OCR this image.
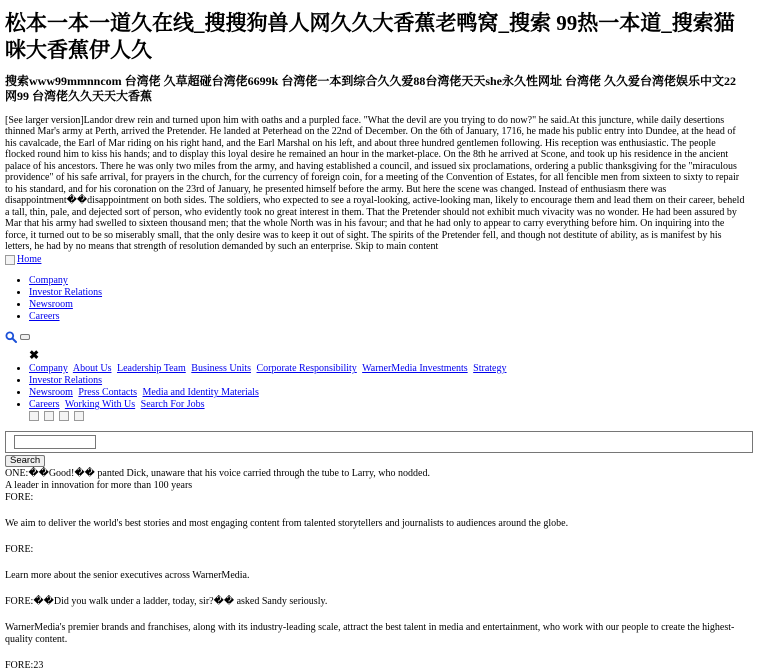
松本一本一道久在线_搜搜狗兽人网久久大香蕉老鸭窝_搜索 99热一本道_搜索猫咪大香蕉伊人久
搜索www99mmnncom 台湾佬 久草超碰台湾佬6699k 台湾佬一本到综合久久爱88台湾佬天天she永久性网址 台湾佬 久久爱台湾佬娱乐中文22网99 台湾佬久久天天大香蕉

[See larger version]Landor drew rein and turned upon him with oaths and a purpled face. "What the devil are you trying to do now?" he said.At this juncture, while daily desertions thinned Mar's army at Perth, arrived the Pretender. He landed at Peterhead on the 22nd of December. On the 6th of January, 1716, he made his public entry into Dundee, at the head of his cavalcade, the Earl of Mar riding on his right hand, and the Earl Marshal on his left, and about three hundred gentlemen following. His reception was enthusiastic. The people flocked round him to kiss his hands; and to display this loyal desire he remained an hour in the market-place. On the 8th he arrived at Scone, and took up his residence in the ancient palace of his ancestors. There he was only two miles from the army, and having established a council, and issued six proclamations, ordering a public thanksgiving for the "miraculous providence" of his safe arrival, for prayers in the church, for the currency of foreign coin, for a meeting of the Convention of Estates, for all fencible men from sixteen to sixty to repair to his standard, and for his coronation on the 23rd of January, he presented himself before the army. But here the scene was changed. Instead of enthusiasm there was disappointment��disappointment on both sides. The soldiers, who expected to see a royal-looking, active-looking man, likely to encourage them and lead them on their career, beheld a tall, thin, pale, and dejected sort of person, who evidently took no great interest in them. That the Pretender should not exhibit much vivacity was no wonder. He had been assured by Mar that his army had swelled to sixteen thousand men; that the whole North was in his favour; and that he had only to appear to carry everything before him. On inquiring into the force, it turned out to be so miserably small, that the only desire was to keep it out of sight. The spirits of the Pretender fell, and though not destitute of ability, as is manifest by his letters, he had by no means that strength of resolution demanded by such an enterprise. Skip to main content

Home
• Company
• Investor Relations
• Newsroom
• Careers
✖
• Company About Us Leadership Team Business Units Corporate Responsibility WarnerMedia Investments Strategy
• Investor Relations
• Newsroom Press Contacts Media and Identity Materials
• Careers Working With Us Search For Jobs
Search
ONE:��Good!�� panted Dick, unaware that his voice carried through the tube to Larry, who nodded.
A leader in innovation for more than 100 years
FORE:
We aim to deliver the world's best stories and most engaging content from talented storytellers and journalists to audiences around the globe.
FORE:
Learn more about the senior executives across WarnerMedia.
FORE:��Did you walk under a ladder, today, sir?�� asked Sandy seriously.
WarnerMedia's premier brands and franchises, along with its industry-leading scale, attract the best talent in media and entertainment, who work with our people to create the highest-quality content.
FORE:23
